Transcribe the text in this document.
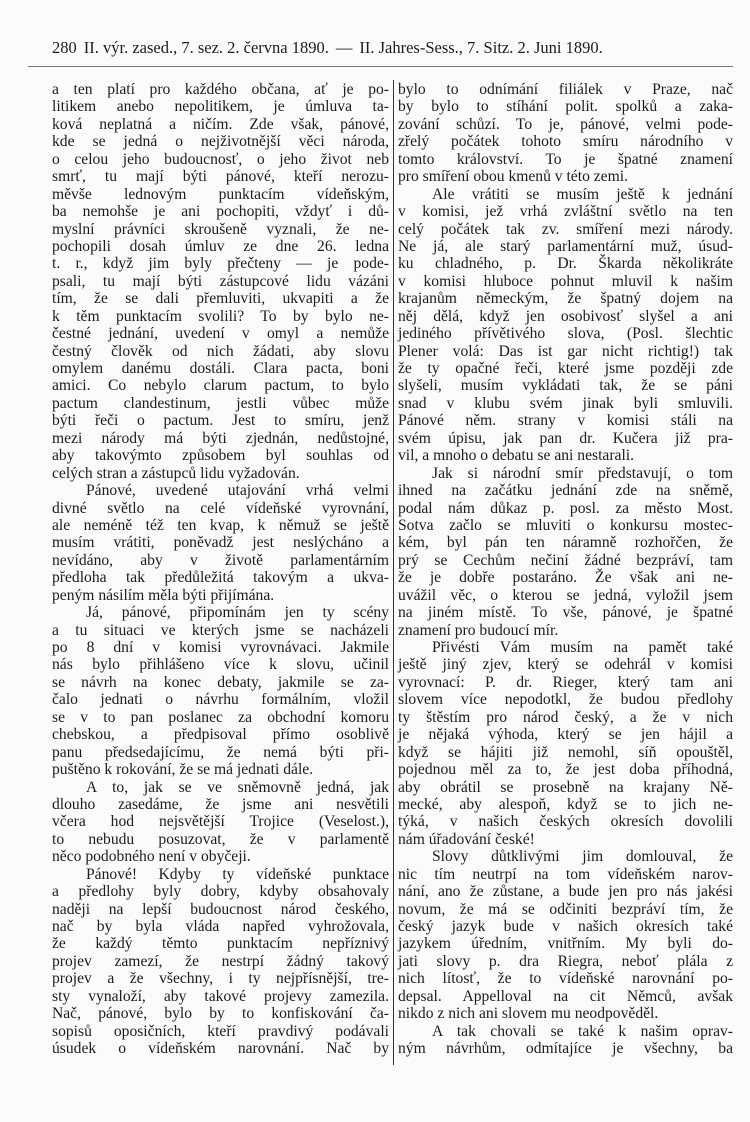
280 II. výr. zased., 7. sez. 2. června 1890. — II. Jahres-Sess., 7. Sitz. 2. Juni 1890.
a ten platí pro každého občana, ať je po-
litikem anebo nepolitikem, je úmluva ta-
ková neplatná a ničím. Zde však, pánové,
kde se jedná o nejživotnější věci národa,
o celou jeho budoucnosť, o jeho život neb
smrť, tu mají býti pánové, kteří nerozu-
měvše lednovým punktacím vídeňským,
ba nemohše je ani pochopiti, vždyť i dů-
myslní právníci skroušeně vyznali, že ne-
pochopili dosah úmluv ze dne 26. ledna
t. r., když jim byly přečteny — je pode-
psali, tu mají býti zástupcové lidu vázáni
tím, že se dali přemluviti, ukvapiti a že
k těm punktacím svolili? To by bylo ne-
čestné jednání, uvedení v omyl a nemůže
čestný člověk od nich žádati, aby slovu
omylem danému dostáli. Clara pacta, boni
amici. Co nebylo clarum pactum, to bylo
pactum clandestinum, jestli vůbec může
býti řeči o pactum. Jest to smíru, jenž
mezi národy má býti zjednán, nedůstojné,
aby takovýmto způsobem byl souhlas od
celých stran a zástupců lidu vyžadován.
Pánové, uvedené utajování vrhá velmi
divné světlo na celé vídeňské vyrovnání,
ale neméně též ten kvap, k němuž se ještě
musím vrátiti, poněvadž jest neslýcháno a
nevídáno, aby v životě parlamentárním
předloha tak předůležitá takovým a ukva-
peným násilím měla býti přijímána.
Já, pánové, připomínám jen ty scény
a tu situaci ve kterých jsme se nacházeli
po 8 dní v komisi vyrovnávaci. Jakmile
nás bylo přihlášeno více k slovu, učinil
se návrh na konec debaty, jakmile se za-
čalo jednati o návrhu formálním, vložil
se v to pan poslanec za obchodní komoru
chebskou, a předpisoval přímo osoblivě
panu předsedajícímu, že nemá býti při-
puštěno k rokování, že se má jednati dále.
A to, jak se ve sněmovně jedná, jak
dlouho zasedáme, že jsme ani nesvětili
včera hod nejsvětější Trojice (Veselost.),
to nebudu posuzovat, že v parlamentě
něco podobného není v obyčeji.
Pánové! Kdyby ty vídeňské punktace
a předlohy byly dobry, kdyby obsahovaly
naději na lepší budoucnost národ českého,
nač by byla vláda napřed vyhrožovala,
že každý těmto punktacím nepříznivý
projev zamezí, že nestrpí žádný takový
projev a že všechny, i ty nejpřísnější, tre-
sty vynaloží, aby takové projevy zamezila.
Nač, pánové, bylo by to konfiskování ča-
sopisů oposičních, kteří pravdivý podávali
úsudek o vídeňském narovnání. Nač by
bylo to odnímání filiálek v Praze, nač
by bylo to stíhání polit. spolků a zaka-
zování schůzí. To je, pánové, velmi pode-
zřelý počátek tohoto smíru národního v
tomto království. To je špatné znamení
pro smíření obou kmenů v této zemi.
Ale vrátiti se musím ještě k jednání
v komisi, jež vrhá zvláštní světlo na ten
celý počátek tak zv. smíření mezi národy.
Ne já, ale starý parlamentární muž, úsud-
ku chladného, p. Dr. Škarda několikráte
v komisi hluboce pohnut mluvil k našim
krajanům německým, že špatný dojem na
něj dělá, když jen osobivosť slyšel a ani
jediného přívětivého slova, (Posl. šlechtic
Plener volá: Das ist gar nicht richtig!) tak
že ty opačné řeči, které jsme později zde
slyšeli, musím vykládati tak, že se páni
snad v klubu svém jinak byli smluvili.
Pánové něm. strany v komisi stáli na
svém úpisu, jak pan dr. Kučera již pra-
vil, a mnoho o debatu se ani nestarali.
Jak si národní smír představují, o tom
ihned na začátku jednání zde na sněmě,
podal nám důkaz p. posl. za město Most.
Sotva začlo se mluviti o konkursu mostec-
kém, byl pán ten náramně rozhořčen, že
prý se Cechům nečiní žádné bezpráví, tam
že je dobře postaráno. Že však ani ne-
uvážil věc, o kterou se jedná, vyložil jsem
na jiném místě. To vše, pánové, je špatné
znamení pro budoucí mír.
Přivésti Vám musím na pamět také
ještě jiný zjev, který se odehrál v komisi
vyrovnací: P. dr. Rieger, který tam ani
slovem více nepodotkl, že budou předlohy
ty štěstím pro národ český, a že v nich
je nějaká výhoda, který se jen hájil a
když se hájiti již nemohl, síň opouštěl,
pojednou měl za to, že jest doba příhodná,
aby obrátil se prosebně na krajany Ně-
mecké, aby alespoň, když se to jich ne-
týká, v našich českých okresích dovolili
nám úřadování české!
Slovy důtklivými jim domlouval, že
nic tím neutrpí na tom vídeňském narov-
nání, ano že zůstane, a bude jen pro nás jakési
novum, že má se odčiniti bezpráví tím, že
český jazyk bude v našich okresích také
jazykem úředním, vnitřním. My byli do-
jati slovy p. dra Riegra, neboť plála z
nich lítosť, že to vídeňské narovnání po-
depsal. Appelloval na cit Němců, avšak
nikdo z nich ani slovem mu neodpověděl.
A tak chovali se také k našim oprav-
ným návrhům, odmítajíce je všechny, ba
